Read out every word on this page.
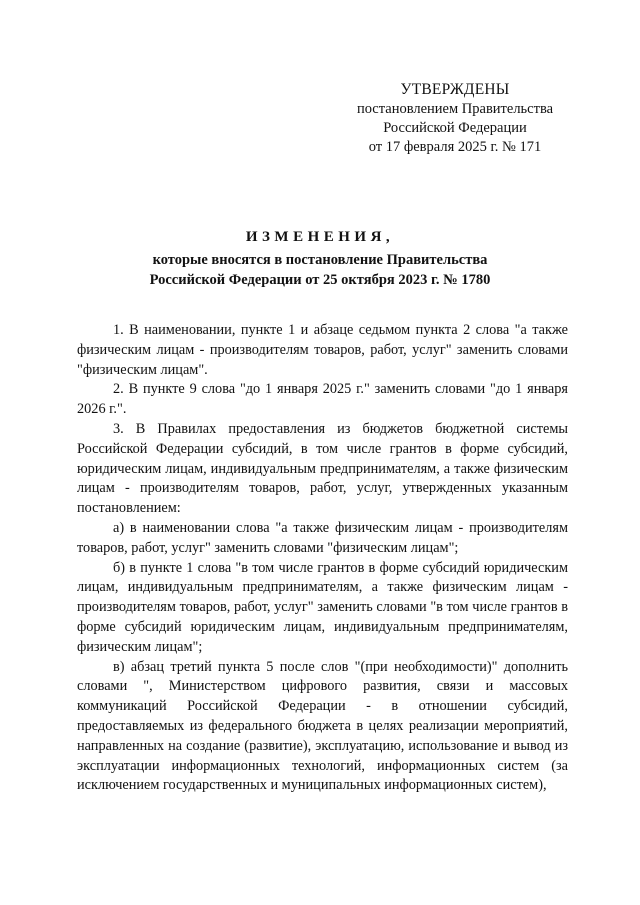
УТВЕРЖДЕНЫ
постановлением Правительства
Российской Федерации
от 17 февраля 2025 г. № 171
ИЗМЕНЕНИЯ,
которые вносятся в постановление Правительства
Российской Федерации от 25 октября 2023 г. № 1780

1. В наименовании, пункте 1 и абзаце седьмом пункта 2 слова "а также физическим лицам - производителям товаров, работ, услуг" заменить словами "физическим лицам".

2. В пункте 9 слова "до 1 января 2025 г." заменить словами "до 1 января 2026 г.".

3. В Правилах предоставления из бюджетов бюджетной системы Российской Федерации субсидий, в том числе грантов в форме субсидий, юридическим лицам, индивидуальным предпринимателям, а также физическим лицам - производителям товаров, работ, услуг, утвержденных указанным постановлением:

а) в наименовании слова "а также физическим лицам - производителям товаров, работ, услуг" заменить словами "физическим лицам";

б) в пункте 1 слова "в том числе грантов в форме субсидий юридическим лицам, индивидуальным предпринимателям, а также физическим лицам - производителям товаров, работ, услуг" заменить словами "в том числе грантов в форме субсидий юридическим лицам, индивидуальным предпринимателям, физическим лицам";

в) абзац третий пункта 5 после слов "(при необходимости)" дополнить словами ", Министерством цифрового развития, связи и массовых коммуникаций Российской Федерации - в отношении субсидий, предоставляемых из федерального бюджета в целях реализации мероприятий, направленных на создание (развитие), эксплуатацию, использование и вывод из эксплуатации информационных технологий, информационных систем (за исключением государственных и муниципальных информационных систем),
